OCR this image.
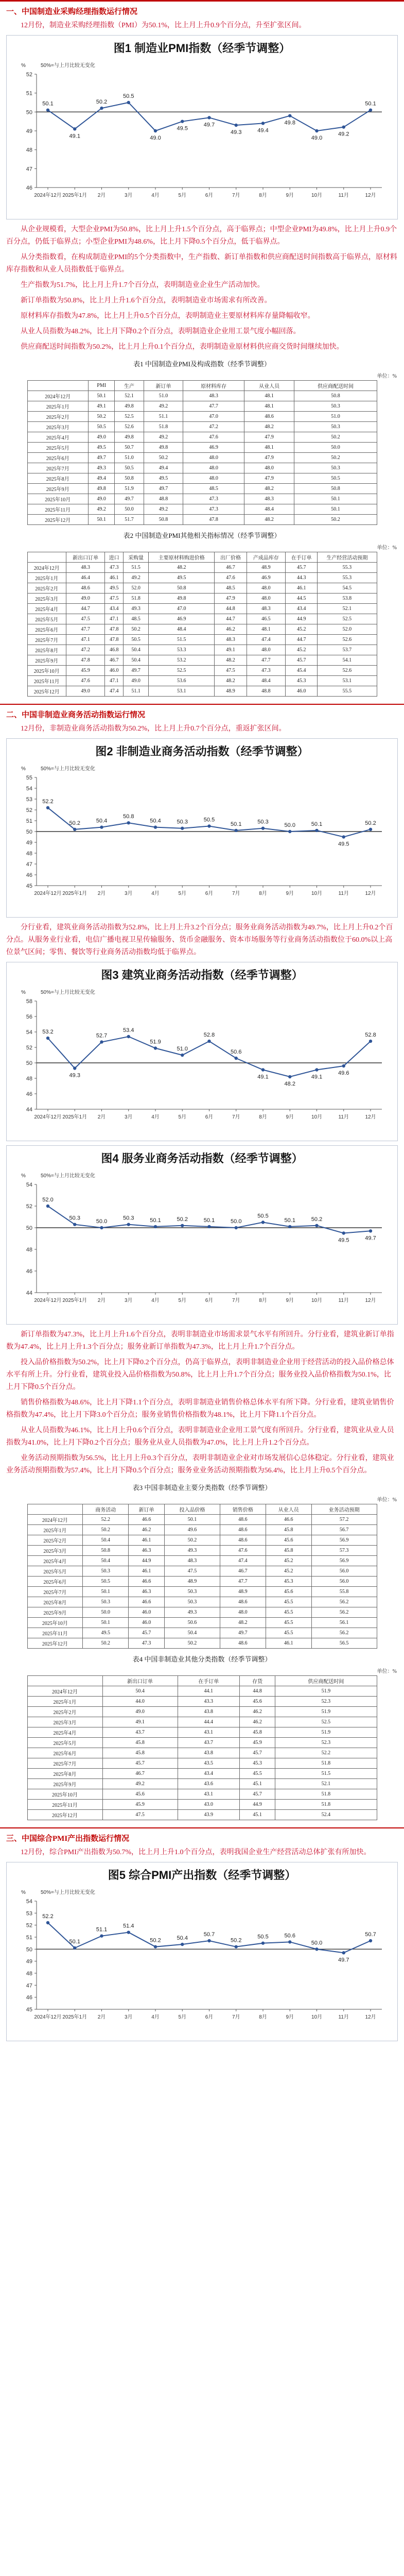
一、中国制造业采购经理指数运行情况
12月份，制造业采购经理指数（PMI）为50.1%，比上月上升0.9个百分点，升至扩张区间。
图1 制造业PMI指数（经季节调整）
%	50%=与上月比较无变化
46
47
48
49
50
51
52
2024年12月 2025年1月 2月	3月	4月	5月	6月	7月	8月	9月	10月	11月	12月
50.1
49.1
50.2
50.5
49.0
49.5
49.7
49.3	49.4
49.8
49.0
49.2
50.1
从企业规模看，大型企业PMI为50.8%，比上月上升1.5个百分点，高于临界点；中型企业PMI为49.8%，比上月上升0.9个百分点，仍低于临界点；小型企业PMI为48.6%，比上月下降0.5个百分点，低于临界点。
从分类指数看，在构成制造业PMI的5个分类指数中，生产指数、新订单指数和供应商配送时间指数高于临界点，原材料库存指数和从业人员指数低于临界点。
生产指数为51.7%，比上月上升1.7个百分点，表明制造业企业生产活动加快。
新订单指数为50.8%，比上月上升1.6个百分点，表明制造业市场需求有所改善。
原材料库存指数为47.8%，比上月上升0.5个百分点，表明制造业主要原材料库存量降幅收窄。
从业人员指数为48.2%，比上月下降0.2个百分点，表明制造业企业用工景气度小幅回落。
供应商配送时间指数为50.2%，比上月上升0.1个百分点，表明制造业原材料供应商交货时间继续加快。
表1 中国制造业PMI及构成指数（经季节调整）
单位：%
	PMI	生产	新订单	原材料库存	从业人员	供应商配送时间
2024年12月	50.1	52.1	51.0	48.3	48.1	50.8
2025年1月	49.1	49.8	49.2	47.7	48.1	50.3
2025年2月	50.2	52.5	51.1	47.0	48.6	51.0
2025年3月	50.5	52.6	51.8	47.2	48.2	50.3
2025年4月	49.0	49.8	49.2	47.6	47.9	50.2
2025年5月	49.5	50.7	49.8	46.9	48.1	50.0
2025年6月	49.7	51.0	50.2	48.0	47.9	50.2
2025年7月	49.3	50.5	49.4	48.0	48.0	50.3
2025年8月	49.4	50.8	49.5	48.0	47.9	50.5
2025年9月	49.8	51.9	49.7	48.5	48.2	50.8
2025年10月	49.0	49.7	48.8	47.3	48.3	50.1
2025年11月	49.2	50.0	49.2	47.3	48.4	50.1
2025年12月	50.1	51.7	50.8	47.8	48.2	50.2
表2 中国制造业PMI其他相关指标情况（经季节调整）
单位：%
	新出口订单	进口	采购量	主要原材料购进价格	出厂价格	产成品库存	在手订单	生产经营活动预期
2024年12月	48.3	47.3	51.5	48.2	46.7	48.9	45.7	55.3
2025年1月	46.4	46.1	49.2	49.5	47.6	46.9	44.3	55.3
2025年2月	48.6	49.5	52.0	50.8	48.5	48.0	46.1	54.5
2025年3月	49.0	47.5	51.8	49.8	47.9	48.0	44.5	53.8
2025年4月	44.7	43.4	49.3	47.0	44.8	48.3	43.4	52.1
2025年5月	47.5	47.1	48.5	46.9	44.7	46.5	44.9	52.5
2025年6月	47.7	47.8	50.2	48.4	46.2	48.1	45.2	52.0
2025年7月	47.1	47.8	50.5	51.5	48.3	47.4	44.7	52.6
2025年8月	47.2	46.8	50.4	53.3	49.1	48.0	45.2	53.7
2025年9月	47.8	46.7	50.4	53.2	48.2	47.7	45.7	54.1
2025年10月	45.9	46.0	49.7	52.5	47.5	47.3	45.4	52.6
2025年11月	47.6	47.1	49.0	53.6	48.2	48.4	45.3	53.1
2025年12月	49.0	47.4	51.1	53.1	48.9	48.8	46.0	55.5
二、中国非制造业商务活动指数运行情况
12月份，非制造业商务活动指数为50.2%，比上月上升0.7个百分点，重返扩张区间。
图2 非制造业商务活动指数（经季节调整）
%	50%=与上月比较无变化
45
46
47
48
49
50
51
52
53
54
55
2024年12月 2025年1月 2月	3月	4月	5月	6月	7月	8月	9月	10月	11月	12月
52.2
50.2	50.4
50.8
50.4	50.3	50.5
50.1	50.3
50.0	50.1
49.5
50.2
分行业看，建筑业商务活动指数为52.8%，比上月上升3.2个百分点；服务业商务活动指数为49.7%，比上月上升0.2个百分点。从服务业行业看，电信广播电视卫星传输服务、货币金融服务、资本市场服务等行业商务活动指数位于60.0%以上高位景气区间；零售、餐饮等行业商务活动指数均低于临界点。
图3 建筑业商务活动指数（经季节调整）
%	50%=与上月比较无变化
44
46
48
50
52
54
56
58
2024年12月 2025年1月 2月	3月	4月	5月	6月	7月	8月	9月	10月	11月	12月
53.2
49.3
52.7
53.4
51.9
51.0
52.8
50.6
49.1
48.2
49.1
49.6
52.8
图4 服务业商务活动指数（经季节调整）
%	50%=与上月比较无变化
44
46
48
50
52
54
2024年12月 2025年1月 2月	3月	4月	5月	6月	7月	8月	9月	10月	11月	12月
52.0
50.3
50.0
50.3	50.1	50.2	50.1	50.0
50.5
50.1	50.2
49.5	49.7
新订单指数为47.3%，比上月上升1.6个百分点，表明非制造业市场需求景气水平有所回升。分行业看，建筑业新订单指数为47.4%，比上月上升1.3个百分点；服务业新订单指数为47.3%，比上月上升1.7个百分点。
投入品价格指数为50.2%，比上月下降0.2个百分点，仍高于临界点，表明非制造业企业用于经营活动的投入品价格总体水平有所上升。分行业看，建筑业投入品价格指数为50.8%，比上月上升1.7个百分点；服务业投入品价格指数为50.1%，比上月下降0.5个百分点。
销售价格指数为48.6%，比上月下降1.1个百分点，表明非制造业销售价格总体水平有所下降。分行业看，建筑业销售价格指数为47.4%，比上月下降3.0个百分点；服务业销售价格指数为48.1%，比上月下降1.1个百分点。
从业人员指数为46.1%，比上月上升0.6个百分点，表明非制造业企业用工景气度有所回升。分行业看，建筑业从业人员指数为41.0%，比上月下降0.2个百分点；服务业从业人员指数为47.0%，比上月上升1.2个百分点。
业务活动预期指数为56.5%，比上月上升0.3个百分点，表明非制造业企业对市场发展信心总体稳定。分行业看，建筑业业务活动预期指数为57.4%，比上月下降0.5个百分点；服务业业务活动预期指数为56.4%，比上月上升0.5个百分点。
表3 中国非制造业主要分类指数（经季节调整）
单位：%
	商务活动	新订单	投入品价格	销售价格	从业人员	业务活动预期
2024年12月	52.2	46.6	50.1	48.6	46.6	57.2
2025年1月	50.2	46.2	49.6	48.6	45.8	56.7
2025年2月	50.4	46.1	50.2	48.6	45.6	56.9
2025年3月	50.8	46.3	49.3	47.6	45.8	57.3
2025年4月	50.4	44.9	48.3	47.4	45.2	56.9
2025年5月	50.3	46.1	47.5	46.7	45.2	56.0
2025年6月	50.5	46.6	48.9	47.7	45.3	56.0
2025年7月	50.1	46.3	50.3	48.9	45.6	55.8
2025年8月	50.3	46.6	50.3	48.6	45.5	56.2
2025年9月	50.0	46.0	49.3	48.0	45.5	56.2
2025年10月	50.1	46.0	50.6	48.2	45.5	56.1
2025年11月	49.5	45.7	50.4	49.7	45.5	56.2
2025年12月	50.2	47.3	50.2	48.6	46.1	56.5
表4 中国非制造业其他分类指数（经季节调整）
单位：%
	新出口订单	在手订单	存货	供应商配送时间
2024年12月	50.4	44.1	44.8	51.9
2025年1月	44.0	43.3	45.6	52.3
2025年2月	49.0	43.8	46.2	51.9
2025年3月	49.1	44.4	46.2	52.5
2025年4月	43.7	43.1	45.8	51.9
2025年5月	45.8	43.7	45.9	52.3
2025年6月	45.8	43.8	45.7	52.2
2025年7月	45.7	43.5	45.3	51.8
2025年8月	46.7	43.4	45.5	51.5
2025年9月	49.2	43.6	45.1	52.1
2025年10月	45.6	43.1	45.7	51.8
2025年11月	45.9	43.0	44.9	51.8
2025年12月	47.5	43.9	45.1	52.4
三、中国综合PMI产出指数运行情况
12月份，综合PMI产出指数为50.7%，比上月上升1.0个百分点，表明我国企业生产经营活动总体扩张有所加快。
图5 综合PMI产出指数（经季节调整）
%	50%=与上月比较无变化
45
46
47
48
49
50
51
52
53
54
2024年12月 2025年1月 2月	3月	4月	5月	6月	7月	8月	9月	10月	11月	12月
52.2
50.1
51.1
51.4
50.2	50.4
50.7
50.2
50.5	50.6
50.0
49.7
50.7
